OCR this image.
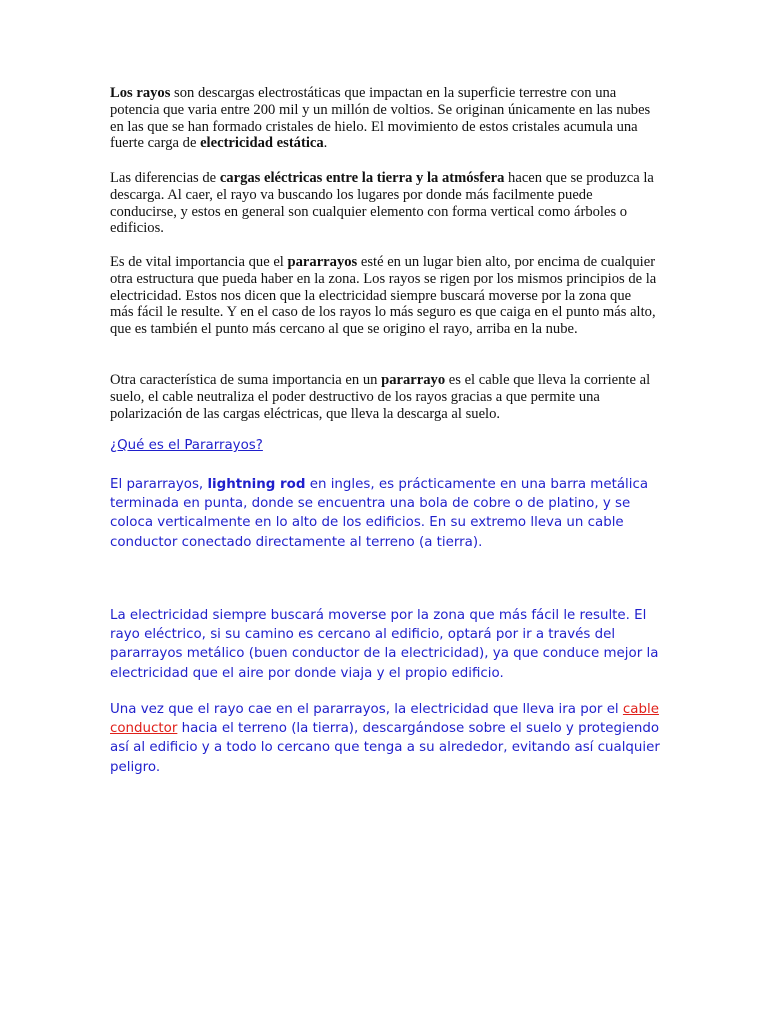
Los rayos son descargas electrostáticas que impactan en la superficie terrestre con una potencia que varia entre 200 mil y un millón de voltios. Se originan únicamente en las nubes en las que se han formado cristales de hielo. El movimiento de estos cristales acumula una fuerte carga de electricidad estática.

Las diferencias de cargas eléctricas entre la tierra y la atmósfera hacen que se produzca la descarga. Al caer, el rayo va buscando los lugares por donde más facilmente puede conducirse, y estos en general son cualquier elemento con forma vertical como árboles o edificios.

Es de vital importancia que el pararrayos esté en un lugar bien alto, por encima de cualquier otra estructura que pueda haber en la zona. Los rayos se rigen por los mismos principios de la electricidad. Estos nos dicen que la electricidad siempre buscará moverse por la zona que más fácil le resulte. Y en el caso de los rayos lo más seguro es que caiga en el punto más alto, que es también el punto más cercano al que se origino el rayo, arriba en la nube.

Otra característica de suma importancia en un pararrayo es el cable que lleva la corriente al suelo, el cable neutraliza el poder destructivo de los rayos gracias a que permite una polarización de las cargas eléctricas, que lleva la descarga al suelo.

¿Qué es el Pararrayos?

El pararrayos, lightning rod en ingles, es prácticamente en una barra metálica terminada en punta, donde se encuentra una bola de cobre o de platino, y se coloca verticalmente en lo alto de los edificios. En su extremo lleva un cable conductor conectado directamente al terreno (a tierra).

La electricidad siempre buscará moverse por la zona que más fácil le resulte. El rayo eléctrico, si su camino es cercano al edificio, optará por ir a través del pararrayos metálico (buen conductor de la electricidad), ya que conduce mejor la electricidad que el aire por donde viaja y el propio edificio.

Una vez que el rayo cae en el pararrayos, la electricidad que lleva ira por el cable conductor hacia el terreno (la tierra), descargándose sobre el suelo y protegiendo así al edificio y a todo lo cercano que tenga a su alrededor, evitando así cualquier peligro.
